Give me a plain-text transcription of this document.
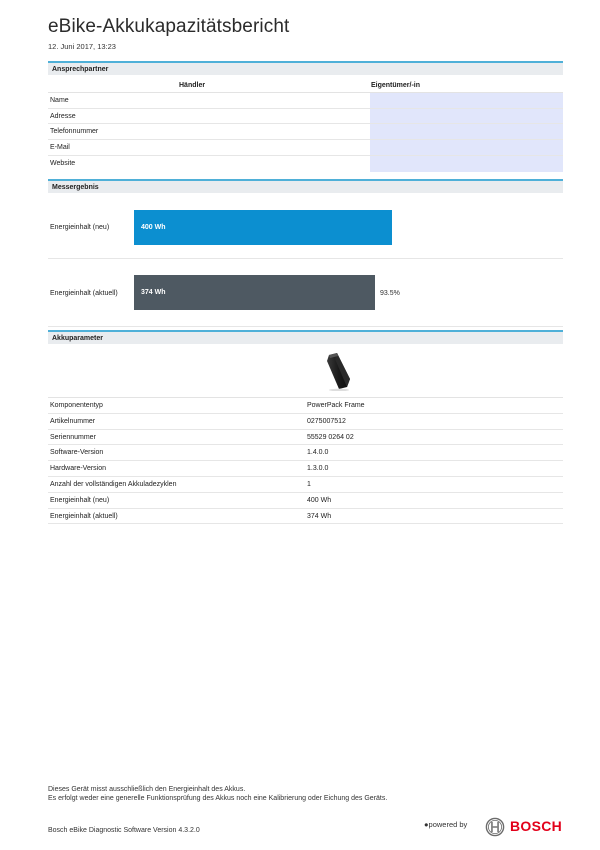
eBike-Akkukapazitätsbericht
12. Juni 2017, 13:23
Ansprechpartner
Händler	Eigentümer/-in
Name
Adresse
Telefonnummer
E-Mail
Website
Messergebnis
Energieinhalt (neu)	400 Wh
Energieinhalt (aktuell)	374 Wh	93.5%
Akkuparameter
Komponententyp	PowerPack Frame
Artikelnummer	0275007512
Seriennummer	55529 0264 02
Software-Version	1.4.0.0
Hardware-Version	1.3.0.0
Anzahl der vollständigen Akkuladezyklen	1
Energieinhalt (neu)	400 Wh
Energieinhalt (aktuell)	374 Wh
Dieses Gerät misst ausschließlich den Energieinhalt des Akkus.
Es erfolgt weder eine generelle Funktionsprüfung des Akkus noch eine Kalibrierung oder Eichung des Geräts.
Bosch eBike Diagnostic Software Version 4.3.2.0
●powered by	BOSCH
